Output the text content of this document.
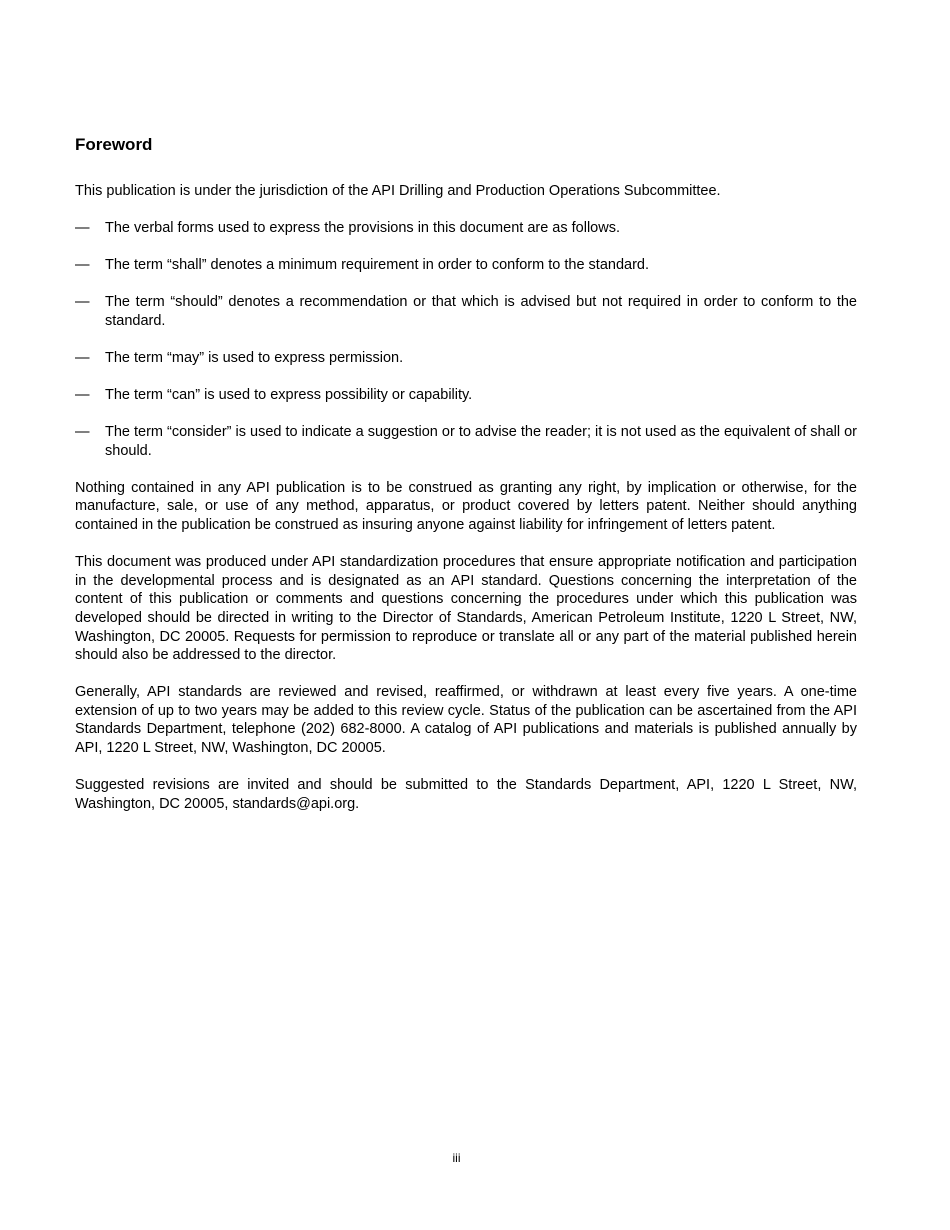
Foreword
This publication is under the jurisdiction of the API Drilling and Production Operations Subcommittee.
— The verbal forms used to express the provisions in this document are as follows.
— The term “shall” denotes a minimum requirement in order to conform to the standard.
— The term “should” denotes a recommendation or that which is advised but not required in order to conform to the standard.
— The term “may” is used to express permission.
— The term “can” is used to express possibility or capability.
— The term “consider” is used to indicate a suggestion or to advise the reader; it is not used as the equivalent of shall or should.
Nothing contained in any API publication is to be construed as granting any right, by implication or otherwise, for the manufacture, sale, or use of any method, apparatus, or product covered by letters patent. Neither should anything contained in the publication be construed as insuring anyone against liability for infringement of letters patent.
This document was produced under API standardization procedures that ensure appropriate notification and participation in the developmental process and is designated as an API standard. Questions concerning the interpretation of the content of this publication or comments and questions concerning the procedures under which this publication was developed should be directed in writing to the Director of Standards, American Petroleum Institute, 1220 L Street, NW, Washington, DC 20005. Requests for permission to reproduce or translate all or any part of the material published herein should also be addressed to the director.
Generally, API standards are reviewed and revised, reaffirmed, or withdrawn at least every five years. A one-time extension of up to two years may be added to this review cycle. Status of the publication can be ascertained from the API Standards Department, telephone (202) 682-8000. A catalog of API publications and materials is published annually by API, 1220 L Street, NW, Washington, DC 20005.
Suggested revisions are invited and should be submitted to the Standards Department, API, 1220 L Street, NW, Washington, DC 20005, standards@api.org.
iii
